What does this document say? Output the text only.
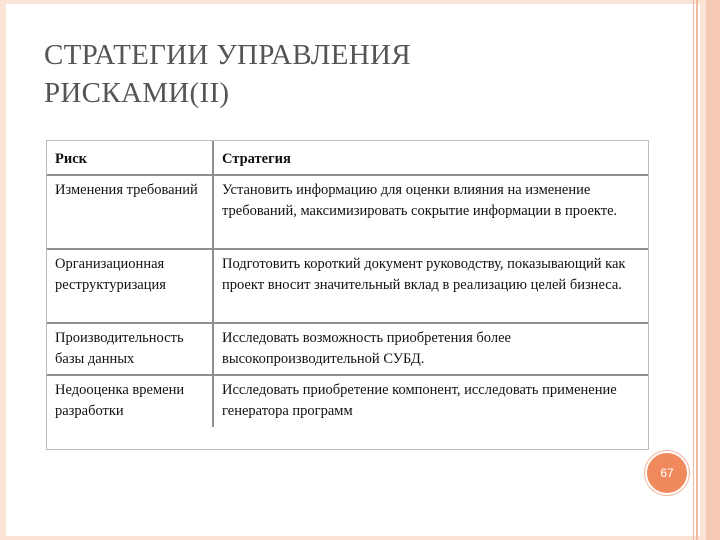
СТРАТЕГИИ УПРАВЛЕНИЯ
РИСКАМИ(II)
Риск	Стратегия
Изменения требований	Установить информацию для оценки влияния на изменение требований, максимизировать сокрытие информации в проекте.
Организационная реструктуризация	Подготовить короткий документ руководству, показывающий как проект вносит значительный вклад в реализацию целей бизнеса.
Производительность базы данных	Исследовать возможность приобретения более высокопроизводительной СУБД.
Недооценка времени разработки	Исследовать приобретение компонент, исследовать применение генератора программ
67
